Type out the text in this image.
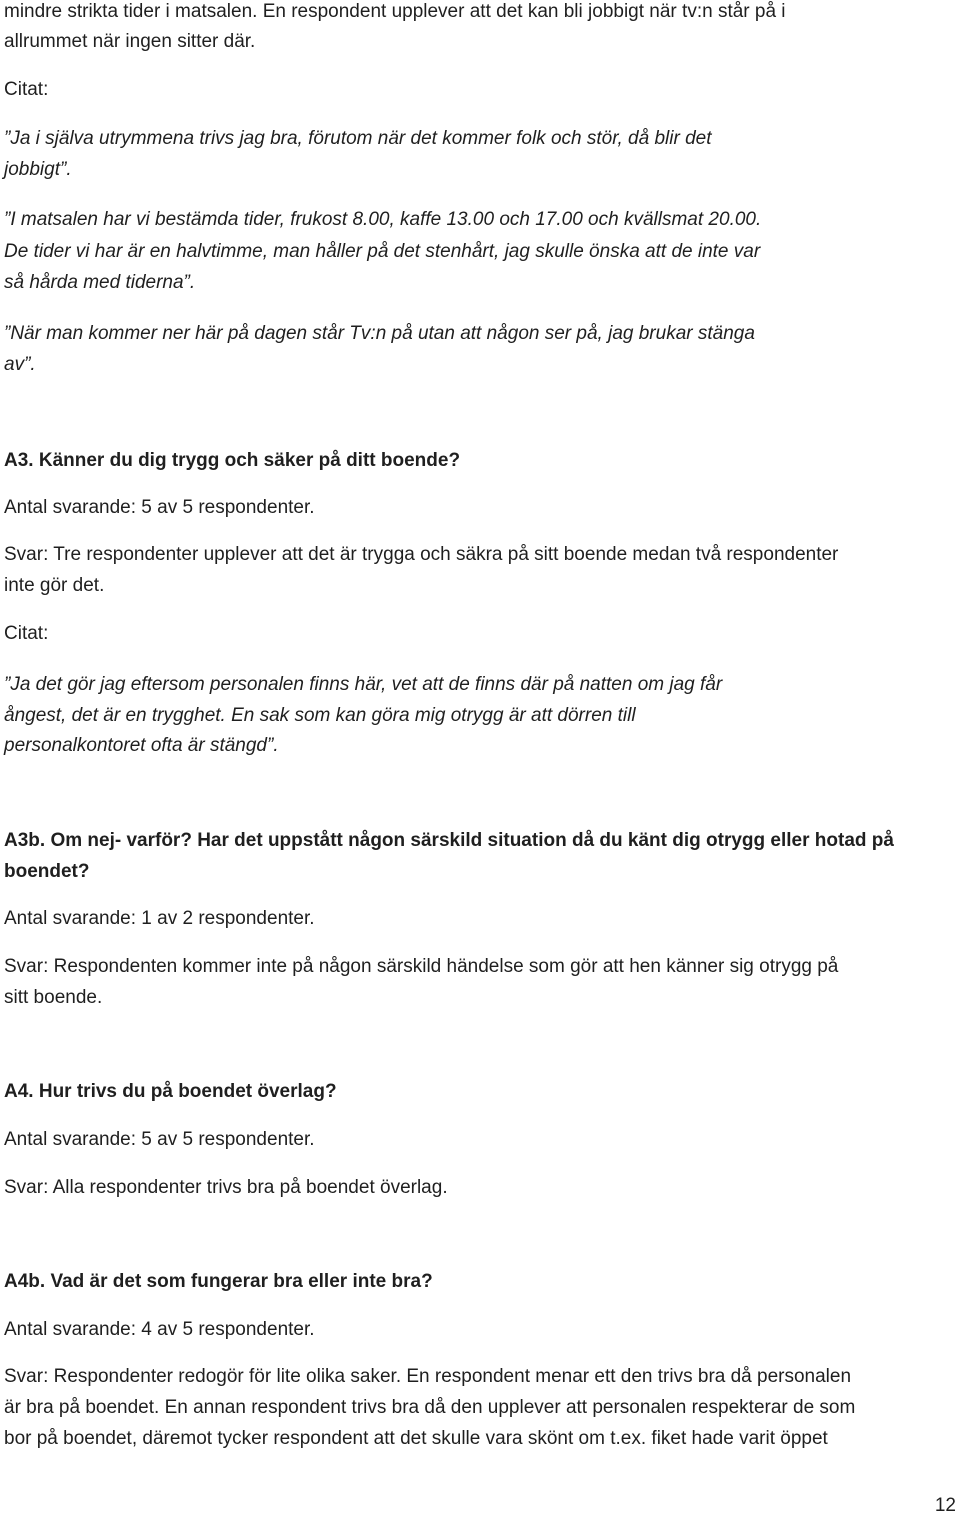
mindre strikta tider i matsalen. En respondent upplever att det kan bli jobbigt när tv:n står på i
allrummet när ingen sitter där.
Citat:
”Ja i själva utrymmena trivs jag bra, förutom när det kommer folk och stör, då blir det
jobbigt”.
”I matsalen har vi bestämda tider, frukost 8.00, kaffe 13.00 och 17.00 och kvällsmat 20.00.
De tider vi har är en halvtimme, man håller på det stenhårt, jag skulle önska att de inte var
så hårda med tiderna”.
”När man kommer ner här på dagen står Tv:n på utan att någon ser på, jag brukar stänga
av”.
A3. Känner du dig trygg och säker på ditt boende?
Antal svarande: 5 av 5 respondenter.
Svar: Tre respondenter upplever att det är trygga och säkra på sitt boende medan två respondenter
inte gör det.
Citat:
”Ja det gör jag eftersom personalen finns här, vet att de finns där på natten om jag får
ångest, det är en trygghet. En sak som kan göra mig otrygg är att dörren till
personalkontoret ofta är stängd”.
A3b. Om nej- varför? Har det uppstått någon särskild situation då du känt dig otrygg eller hotad på
boendet?
Antal svarande: 1 av 2 respondenter.
Svar: Respondenten kommer inte på någon särskild händelse som gör att hen känner sig otrygg på
sitt boende.
A4. Hur trivs du på boendet överlag?
Antal svarande: 5 av 5 respondenter.
Svar: Alla respondenter trivs bra på boendet överlag.
A4b. Vad är det som fungerar bra eller inte bra?
Antal svarande: 4 av 5 respondenter.
Svar: Respondenter redogör för lite olika saker. En respondent menar ett den trivs bra då personalen
är bra på boendet. En annan respondent trivs bra då den upplever att personalen respekterar de som
bor på boendet, däremot tycker respondent att det skulle vara skönt om t.ex. fiket hade varit öppet
12
